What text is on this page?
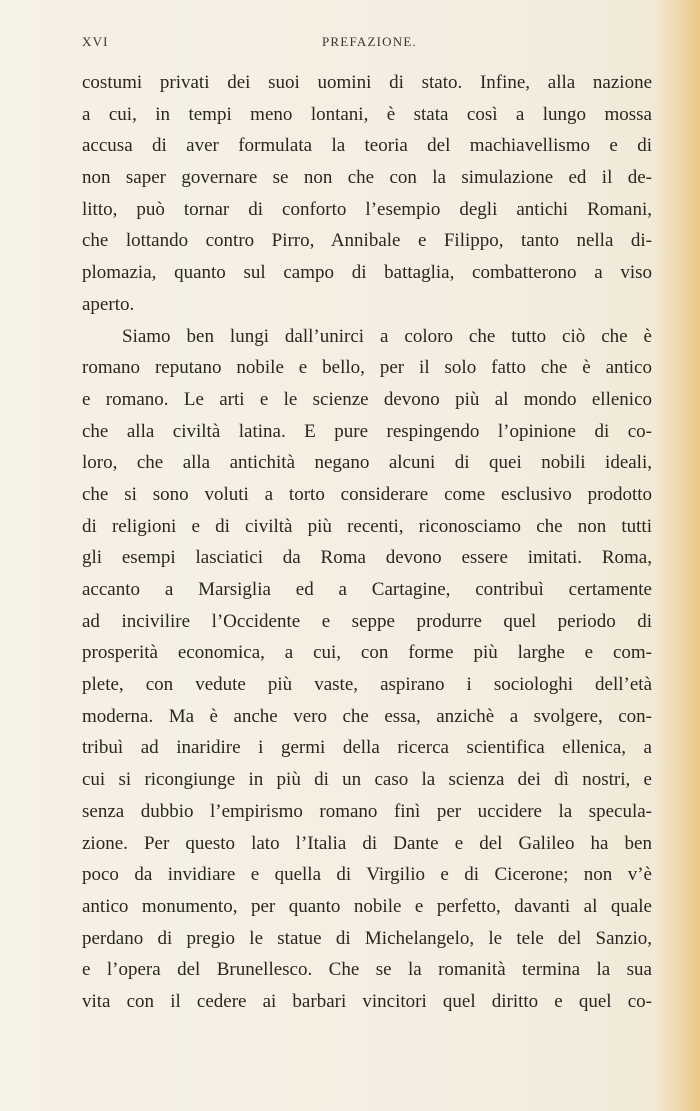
XVI	PREFAZIONE.
costumi privati dei suoi uomini di stato. Infine, alla nazione
a cui, in tempi meno lontani, è stata così a lungo mossa
accusa di aver formulata la teoria del machiavellismo e di
non saper governare se non che con la simulazione ed il de-
litto, può tornar di conforto l’esempio degli antichi Romani,
che lottando contro Pirro, Annibale e Filippo, tanto nella di-
plomazia, quanto sul campo di battaglia, combatterono a viso
aperto.
Siamo ben lungi dall’unirci a coloro che tutto ciò che è
romano reputano nobile e bello, per il solo fatto che è antico
e romano. Le arti e le scienze devono più al mondo ellenico
che alla civiltà latina. E pure respingendo l’opinione di co-
loro, che alla antichità negano alcuni di quei nobili ideali,
che si sono voluti a torto considerare come esclusivo prodotto
di religioni e di civiltà più recenti, riconosciamo che non tutti
gli esempi lasciatici da Roma devono essere imitati. Roma,
accanto a Marsiglia ed a Cartagine, contribuì certamente
ad incivilire l’Occidente e seppe produrre quel periodo di
prosperità economica, a cui, con forme più larghe e com-
plete, con vedute più vaste, aspirano i sociologhi dell’età
moderna. Ma è anche vero che essa, anzichè a svolgere, con-
tribuì ad inaridire i germi della ricerca scientifica ellenica, a
cui si ricongiunge in più di un caso la scienza dei dì nostri, e
senza dubbio l’empirismo romano finì per uccidere la specula-
zione. Per questo lato l’Italia di Dante e del Galileo ha ben
poco da invidiare e quella di Virgilio e di Cicerone; non v’è
antico monumento, per quanto nobile e perfetto, davanti al quale
perdano di pregio le statue di Michelangelo, le tele del Sanzio,
e l’opera del Brunellesco. Che se la romanità termina la sua
vita con il cedere ai barbari vincitori quel diritto e quel co-
